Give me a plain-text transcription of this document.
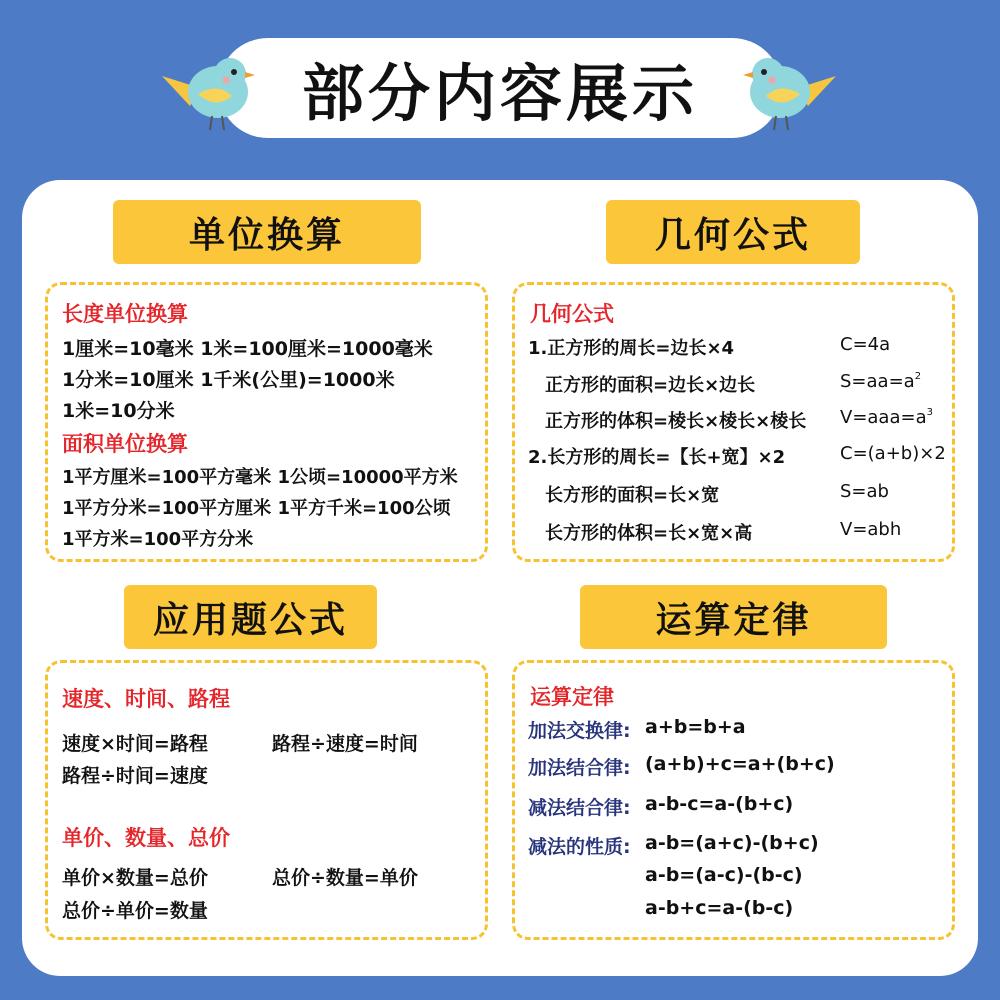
部分内容展示
单位换算	几何公式
应用题公式	运算定律
长度单位换算
1厘米=10毫米 1米=100厘米=1000毫米
1分米=10厘米 1千米(公里)=1000米
1米=10分米
面积单位换算
1平方厘米=100平方毫米 1公顷=10000平方米
1平方分米=100平方厘米 1平方千米=100公顷
1平方米=100平方分米
几何公式
1.正方形的周长=边长×4	C=4a
正方形的面积=边长×边长	$S=aa=a^2$
正方形的体积=棱长×棱长×棱长 $V=aaa=a^3$
2.长方形的周长=【长+宽】×2	C=(a+b)×2
长方形的面积=长×宽	S=ab
长方形的体积=长×宽×高	V=abh
速度、时间、路程
速度×时间=路程	路程÷速度=时间
路程÷时间=速度
单价、数量、总价
单价×数量=总价	总价÷数量=单价
总价÷单价=数量
运算定律
加法交换律: a+b=b+a
加法结合律: (a+b)+c=a+(b+c)
减法结合律: a-b-c=a-(b+c)
减法的性质: a-b=(a+c)-(b+c)
a-b=(a-c)-(b-c)
a-b+c=a-(b-c)
